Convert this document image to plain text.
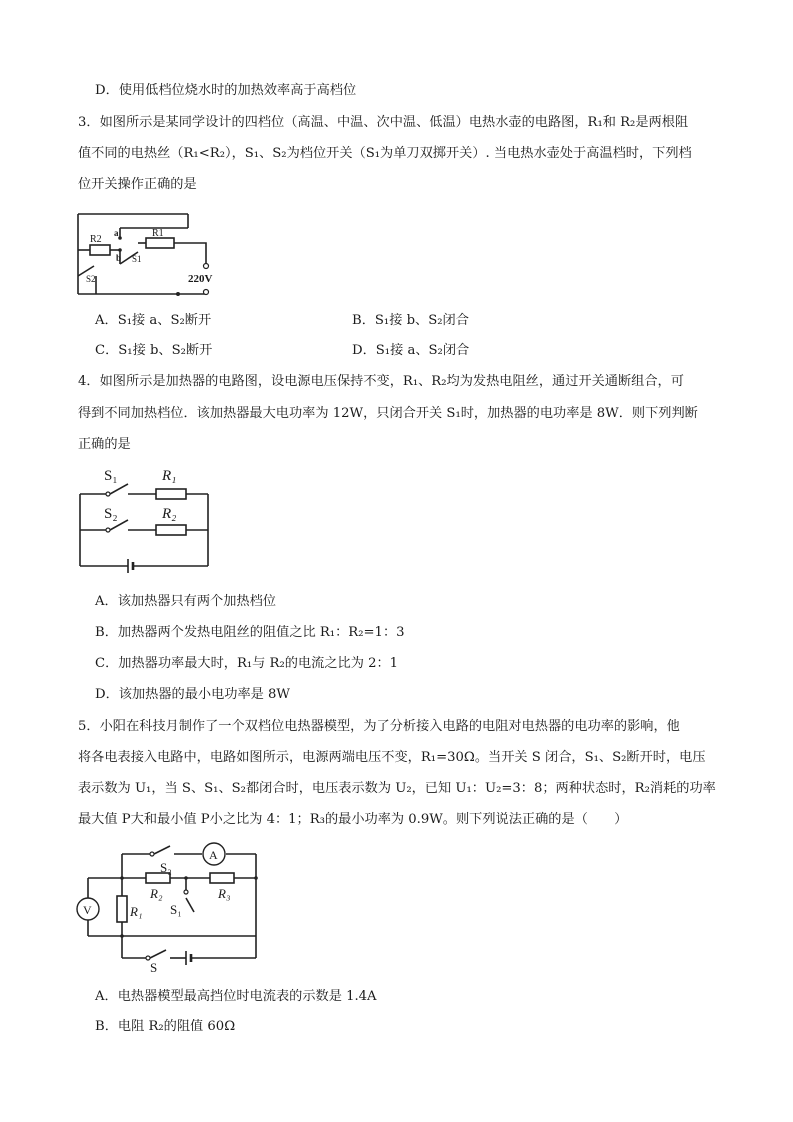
D．使用低档位烧水时的加热效率高于高档位
3．如图所示是某同学设计的四档位（高温、中温、次中温、低温）电热水壶的电路图，R₁和 R₂是两根阻
值不同的电热丝（R₁<R₂），S₁、S₂为档位开关（S₁为单刀双掷开关）. 当电热水壶处于高温档时，下列档
位开关操作正确的是
R2
R1
a
b S1
S2	220V
A．S₁接 a、S₂断开	B．S₁接 b、S₂闭合
C．S₁接 b、S₂断开	D．S₁接 a、S₂闭合
4．如图所示是加热器的电路图，设电源电压保持不变，R₁、R₂均为发热电阻丝，通过开关通断组合，可
得到不同加热档位．该加热器最大电功率为 12W，只闭合开关 S₁时，加热器的电功率是 8W．则下列判断
正确的是
S₁
S₂
R₁
R₂
A．该加热器只有两个加热档位
B．加热器两个发热电阻丝的阻值之比 R₁：R₂=1：3
C．加热器功率最大时，R₁与 R₂的电流之比为 2：1
D．该加热器的最小电功率是 8W
5．小阳在科技月制作了一个双档位电热器模型，为了分析接入电路的电阻对电热器的电功率的影响，他
将各电表接入电路中，电路如图所示，电源两端电压不变，R₁=30Ω。当开关 S 闭合，S₁、S₂断开时，电压
表示数为 U₁，当 S、S₁、S₂都闭合时，电压表示数为 U₂，已知 U₁：U₂=3：8；两种状态时，R₂消耗的功率
最大值 P大和最小值 P小之比为 4：1；R₃的最小功率为 0.9W。则下列说法正确的是（　　）
S₂
A
V	R₁
R₂	R₃
S₁
S
A．电热器模型最高挡位时电流表的示数是 1.4A
B．电阻 R₂的阻值 60Ω
